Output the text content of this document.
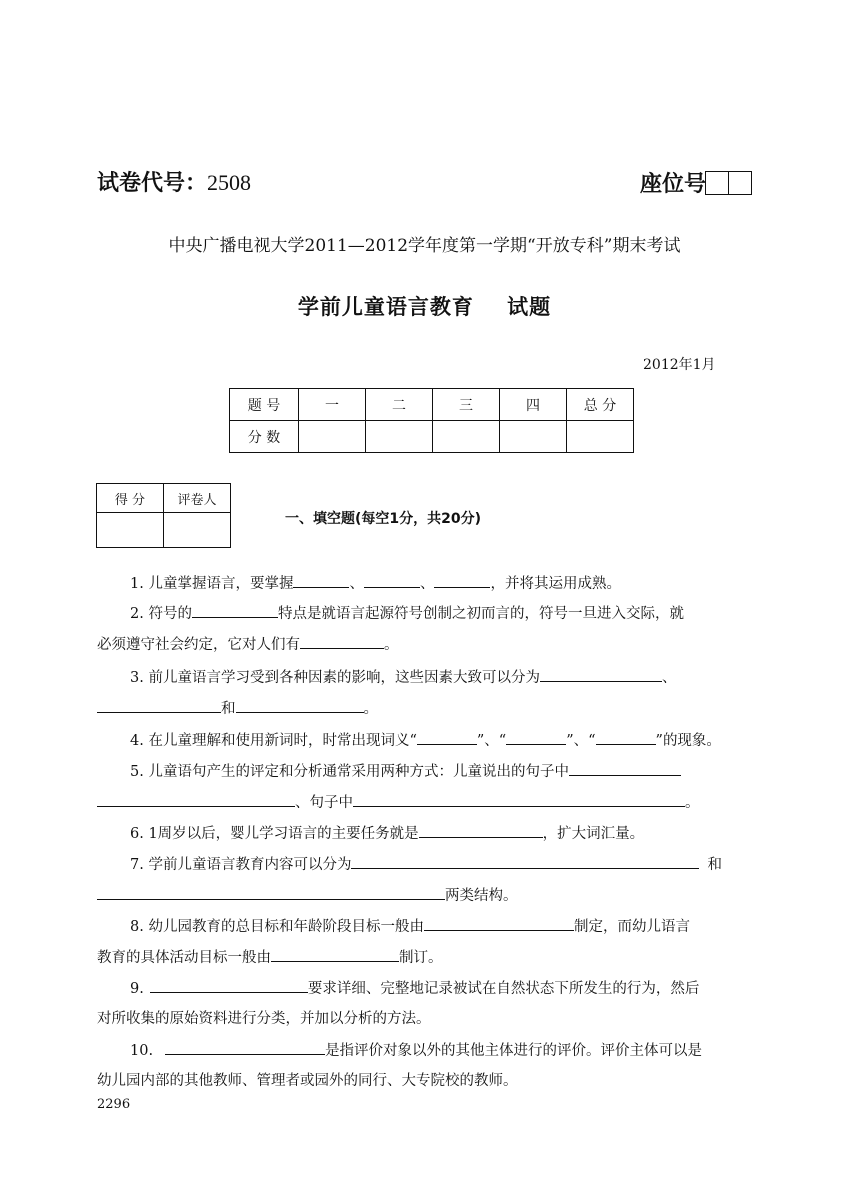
试卷代号：2508	座位号
中央广播电视大学2011—2012学年度第一学期“开放专科”期末考试
学前儿童语言教育    试题
2012年1月
题 号	一	二	三	四	总 分
分 数					
得 分	评卷人

一、填空题(每空1分，共20分)
1. 儿童掌握语言，要掌握	、	、	，并将其运用成熟。
2. 符号的	特点是就语言起源符号创制之初而言的，符号一旦进入交际，就
必须遵守社会约定，它对人们有	。
3. 前儿童语言学习受到各种因素的影响，这些因素大致可以分为	、
和	。
4. 在儿童理解和使用新词时，时常出现词义“	”、“	”、“	”的现象。
5. 儿童语句产生的评定和分析通常采用两种方式：儿童说出的句子中
、句子中	。
6. 1周岁以后，婴儿学习语言的主要任务就是	，扩大词汇量。
7. 学前儿童语言教育内容可以分为	和
两类结构。
8. 幼儿园教育的总目标和年龄阶段目标一般由	制定，而幼儿语言
教育的具体活动目标一般由	制订。
9.	要求详细、完整地记录被试在自然状态下所发生的行为，然后
对所收集的原始资料进行分类，并加以分析的方法。
10.	是指评价对象以外的其他主体进行的评价。评价主体可以是
幼儿园内部的其他教师、管理者或园外的同行、大专院校的教师。
2296
